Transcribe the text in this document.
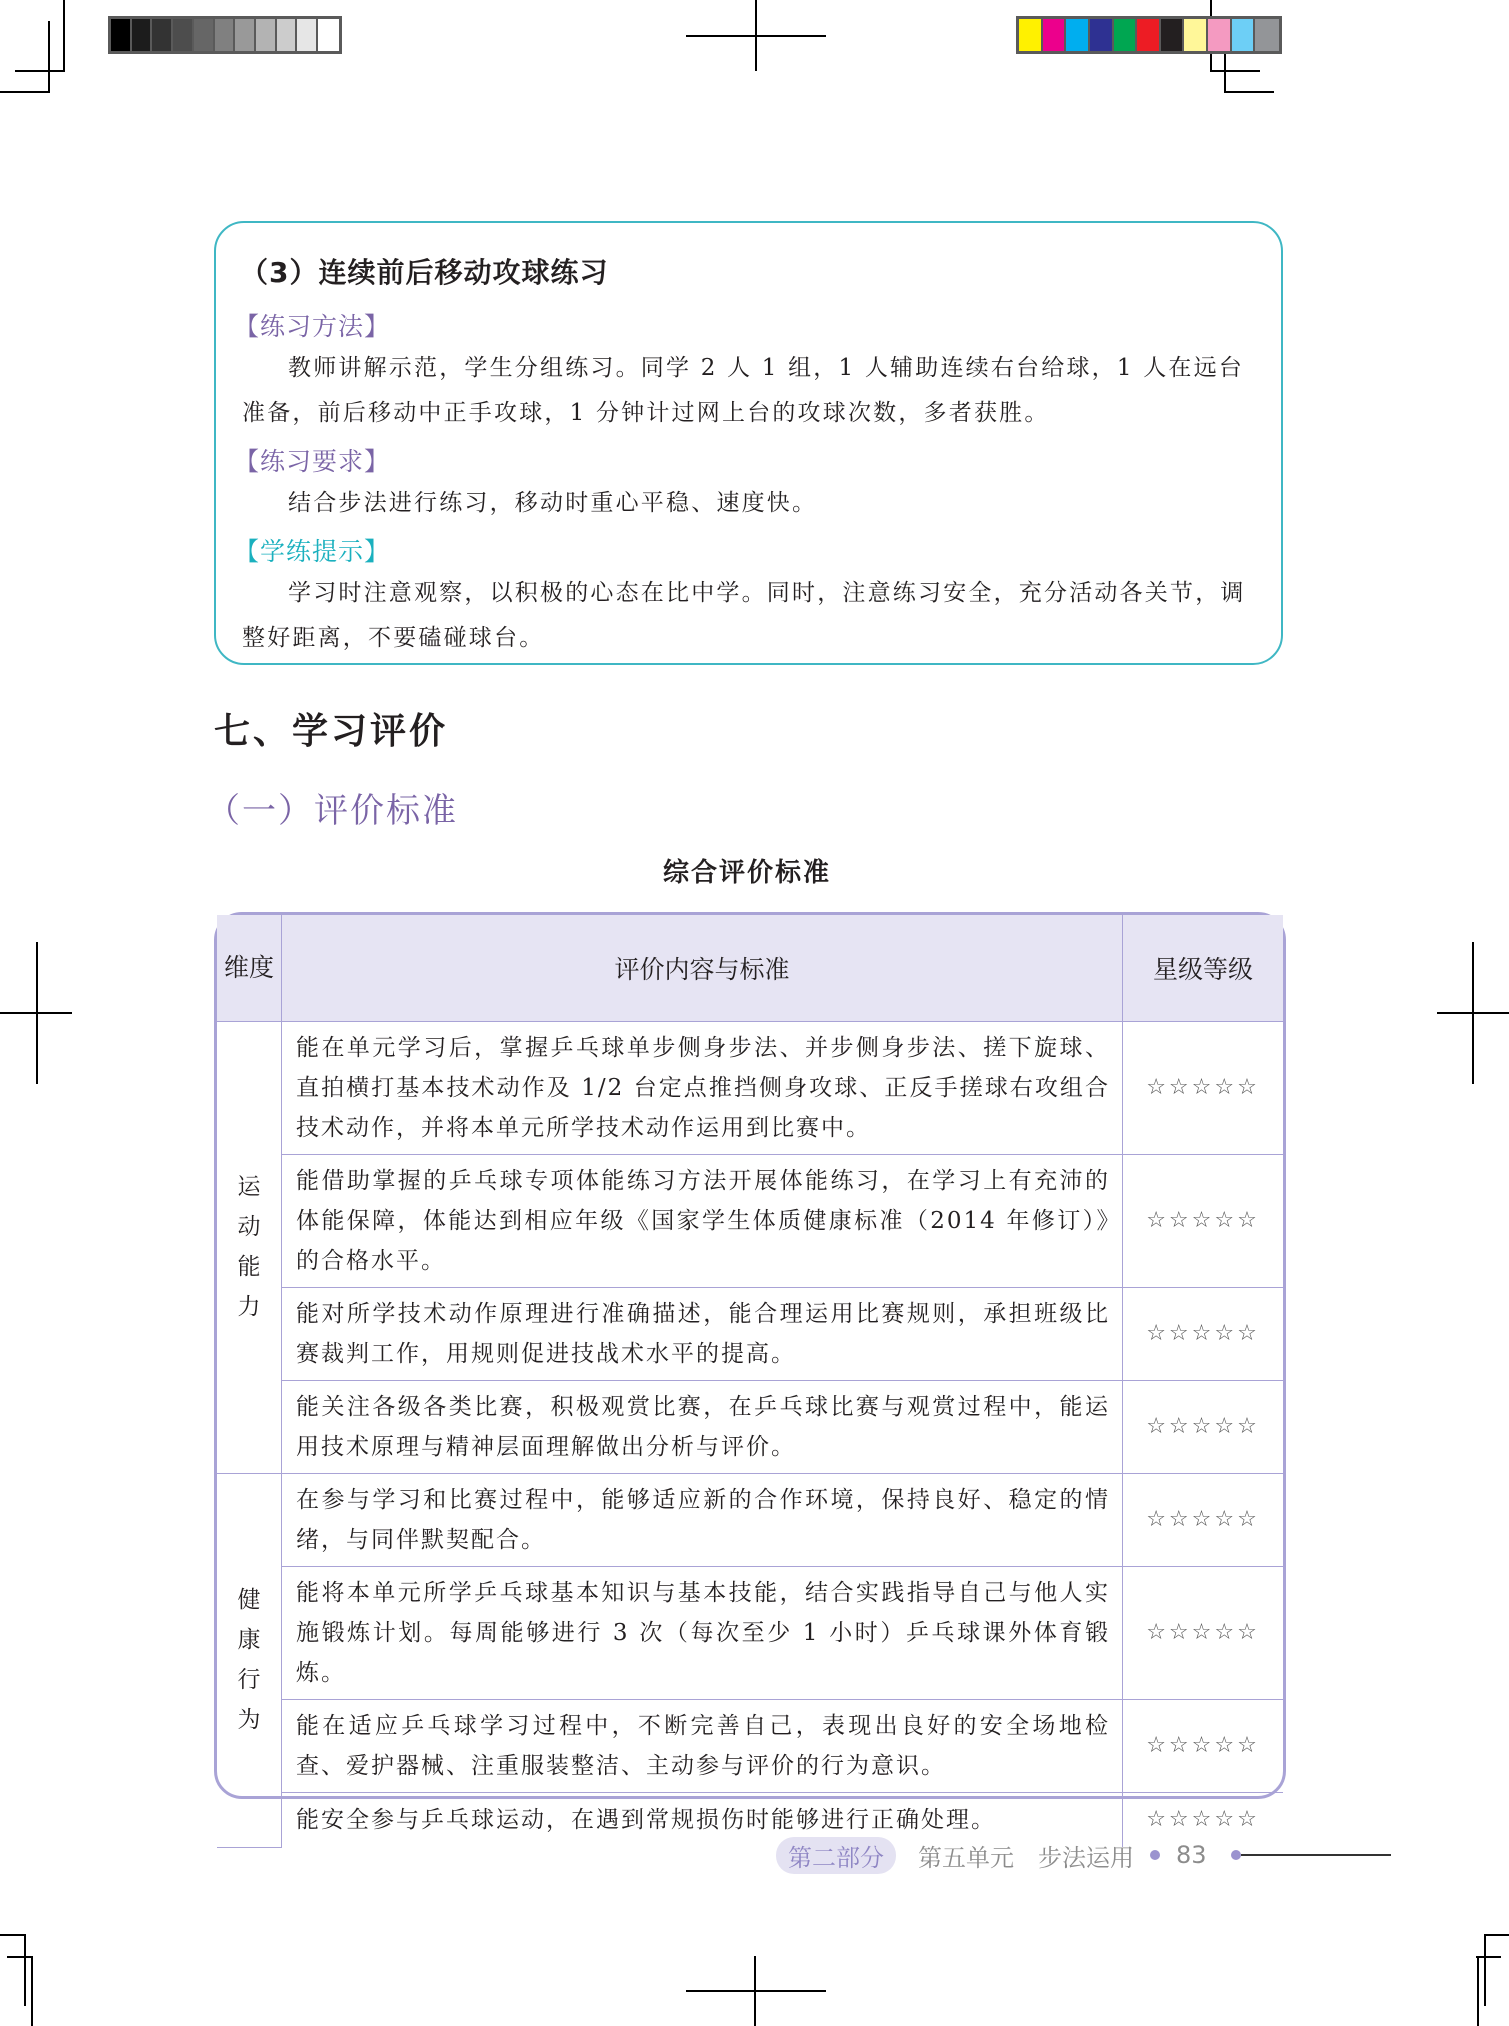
（3）连续前后移动攻球练习
【练习方法】
教师讲解示范，学生分组练习。同学 2 人 1 组，1 人辅助连续右台给球，1 人在远台准备，前后移动中正手攻球，1 分钟计过网上台的攻球次数，多者获胜。
【练习要求】
结合步法进行练习，移动时重心平稳、速度快。
【学练提示】
学习时注意观察，以积极的心态在比中学。同时，注意练习安全，充分活动各关节，调整好距离，不要磕碰球台。
七、学习评价
（一）评价标准
综合评价标准
维度	评价内容与标准	星级等级
运动能力	能在单元学习后，掌握乒乓球单步侧身步法、并步侧身步法、搓下旋球、直拍横打基本技术动作及 1/2 台定点推挡侧身攻球、正反手搓球右攻组合技术动作，并将本单元所学技术动作运用到比赛中。	☆☆☆☆☆
	能借助掌握的乒乓球专项体能练习方法开展体能练习，在学习上有充沛的体能保障，体能达到相应年级《国家学生体质健康标准（2014 年修订）》的合格水平。	☆☆☆☆☆
	能对所学技术动作原理进行准确描述，能合理运用比赛规则，承担班级比赛裁判工作，用规则促进技战术水平的提高。	☆☆☆☆☆
	能关注各级各类比赛，积极观赏比赛，在乒乓球比赛与观赏过程中，能运用技术原理与精神层面理解做出分析与评价。	☆☆☆☆☆
健康行为	在参与学习和比赛过程中，能够适应新的合作环境，保持良好、稳定的情绪，与同伴默契配合。	☆☆☆☆☆
	能将本单元所学乒乓球基本知识与基本技能，结合实践指导自己与他人实施锻炼计划。每周能够进行 3 次（每次至少 1 小时）乒乓球课外体育锻炼。	☆☆☆☆☆
	能在适应乒乓球学习过程中，不断完善自己，表现出良好的安全场地检查、爱护器械、注重服装整洁、主动参与评价的行为意识。	☆☆☆☆☆
	能安全参与乒乓球运动，在遇到常规损伤时能够进行正确处理。	☆☆☆☆☆
第二部分	第五单元 步法运用 83
